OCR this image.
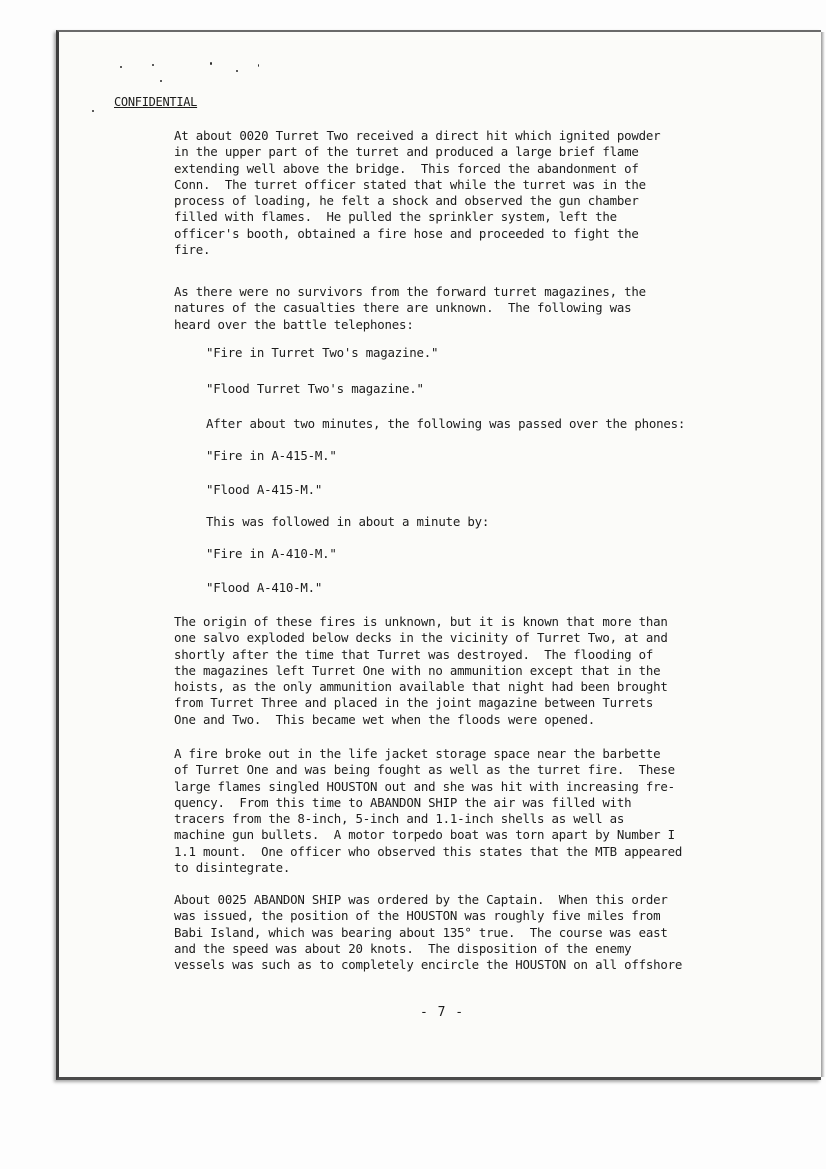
CONFIDENTIAL
At about 0020 Turret Two received a direct hit which ignited powder
in the upper part of the turret and produced a large brief flame
extending well above the bridge.  This forced the abandonment of
Conn.  The turret officer stated that while the turret was in the
process of loading, he felt a shock and observed the gun chamber
filled with flames.  He pulled the sprinkler system, left the
officer's booth, obtained a fire hose and proceeded to fight the
fire.
As there were no survivors from the forward turret magazines, the
natures of the casualties there are unknown.  The following was
heard over the battle telephones:
"Fire in Turret Two's magazine."
"Flood Turret Two's magazine."
After about two minutes, the following was passed over the phones:
"Fire in A-415-M."
"Flood A-415-M."
This was followed in about a minute by:
"Fire in A-410-M."
"Flood A-410-M."
The origin of these fires is unknown, but it is known that more than
one salvo exploded below decks in the vicinity of Turret Two, at and
shortly after the time that Turret was destroyed.  The flooding of
the magazines left Turret One with no ammunition except that in the
hoists, as the only ammunition available that night had been brought
from Turret Three and placed in the joint magazine between Turrets
One and Two.  This became wet when the floods were opened.
A fire broke out in the life jacket storage space near the barbette
of Turret One and was being fought as well as the turret fire.  These
large flames singled HOUSTON out and she was hit with increasing fre-
quency.  From this time to ABANDON SHIP the air was filled with
tracers from the 8-inch, 5-inch and 1.1-inch shells as well as
machine gun bullets.  A motor torpedo boat was torn apart by Number I
1.1 mount.  One officer who observed this states that the MTB appeared
to disintegrate.
About 0025 ABANDON SHIP was ordered by the Captain.  When this order
was issued, the position of the HOUSTON was roughly five miles from
Babi Island, which was bearing about 135° true.  The course was east
and the speed was about 20 knots.  The disposition of the enemy
vessels was such as to completely encircle the HOUSTON on all offshore
- 7 -
